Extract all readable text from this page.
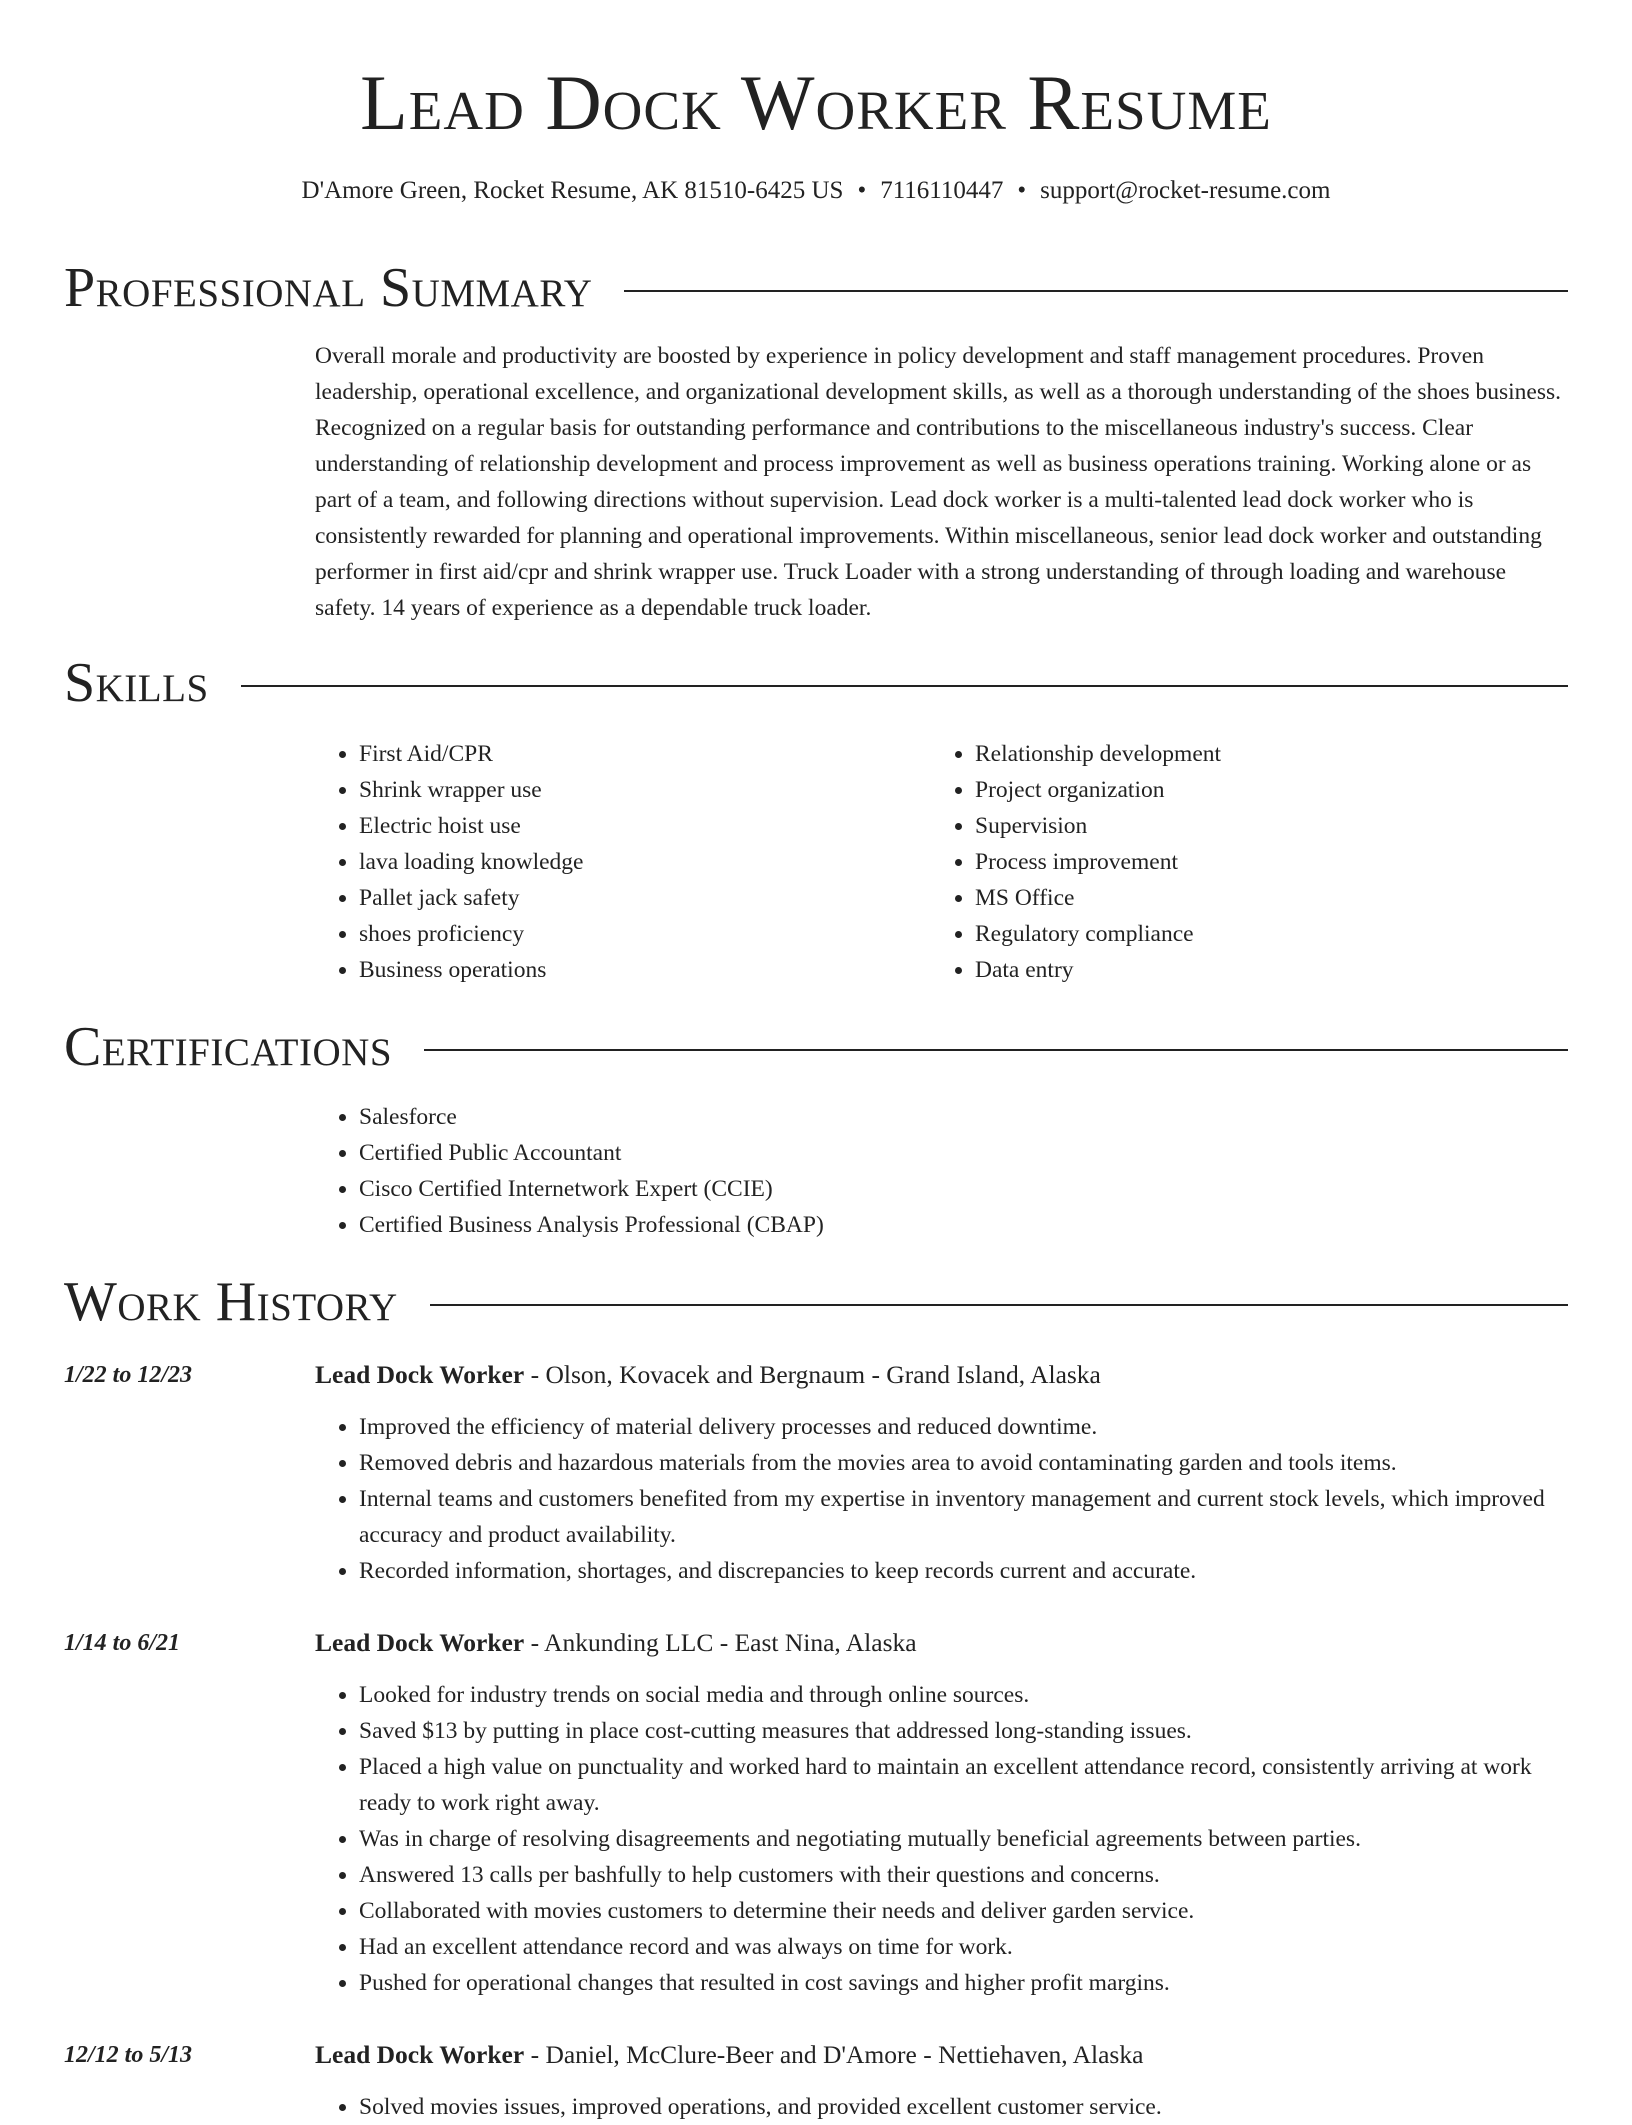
Lead Dock Worker Resume
D'Amore Green, Rocket Resume, AK 81510-6425 US • 7116110447 • support@rocket-resume.com
Professional Summary
Overall morale and productivity are boosted by experience in policy development and staff management procedures. Proven leadership, operational excellence, and organizational development skills, as well as a thorough understanding of the shoes business. Recognized on a regular basis for outstanding performance and contributions to the miscellaneous industry's success. Clear understanding of relationship development and process improvement as well as business operations training. Working alone or as part of a team, and following directions without supervision. Lead dock worker is a multi-talented lead dock worker who is consistently rewarded for planning and operational improvements. Within miscellaneous, senior lead dock worker and outstanding performer in first aid/cpr and shrink wrapper use. Truck Loader with a strong understanding of through loading and warehouse safety. 14 years of experience as a dependable truck loader.
Skills
• First Aid/CPR
• Shrink wrapper use
• Electric hoist use
• lava loading knowledge
• Pallet jack safety
• shoes proficiency
• Business operations
• Relationship development
• Project organization
• Supervision
• Process improvement
• MS Office
• Regulatory compliance
• Data entry
Certifications
• Salesforce
• Certified Public Accountant
• Cisco Certified Internetwork Expert (CCIE)
• Certified Business Analysis Professional (CBAP)
Work History
1/22 to 12/23	Lead Dock Worker - Olson, Kovacek and Bergnaum - Grand Island, Alaska
• Improved the efficiency of material delivery processes and reduced downtime.
• Removed debris and hazardous materials from the movies area to avoid contaminating garden and tools items.
• Internal teams and customers benefited from my expertise in inventory management and current stock levels, which improved accuracy and product availability.
• Recorded information, shortages, and discrepancies to keep records current and accurate.
1/14 to 6/21	Lead Dock Worker - Ankunding LLC - East Nina, Alaska
• Looked for industry trends on social media and through online sources.
• Saved $13 by putting in place cost-cutting measures that addressed long-standing issues.
• Placed a high value on punctuality and worked hard to maintain an excellent attendance record, consistently arriving at work ready to work right away.
• Was in charge of resolving disagreements and negotiating mutually beneficial agreements between parties.
• Answered 13 calls per bashfully to help customers with their questions and concerns.
• Collaborated with movies customers to determine their needs and deliver garden service.
• Had an excellent attendance record and was always on time for work.
• Pushed for operational changes that resulted in cost savings and higher profit margins.
12/12 to 5/13	Lead Dock Worker - Daniel, McClure-Beer and D'Amore - Nettiehaven, Alaska
• Solved movies issues, improved operations, and provided excellent customer service.
